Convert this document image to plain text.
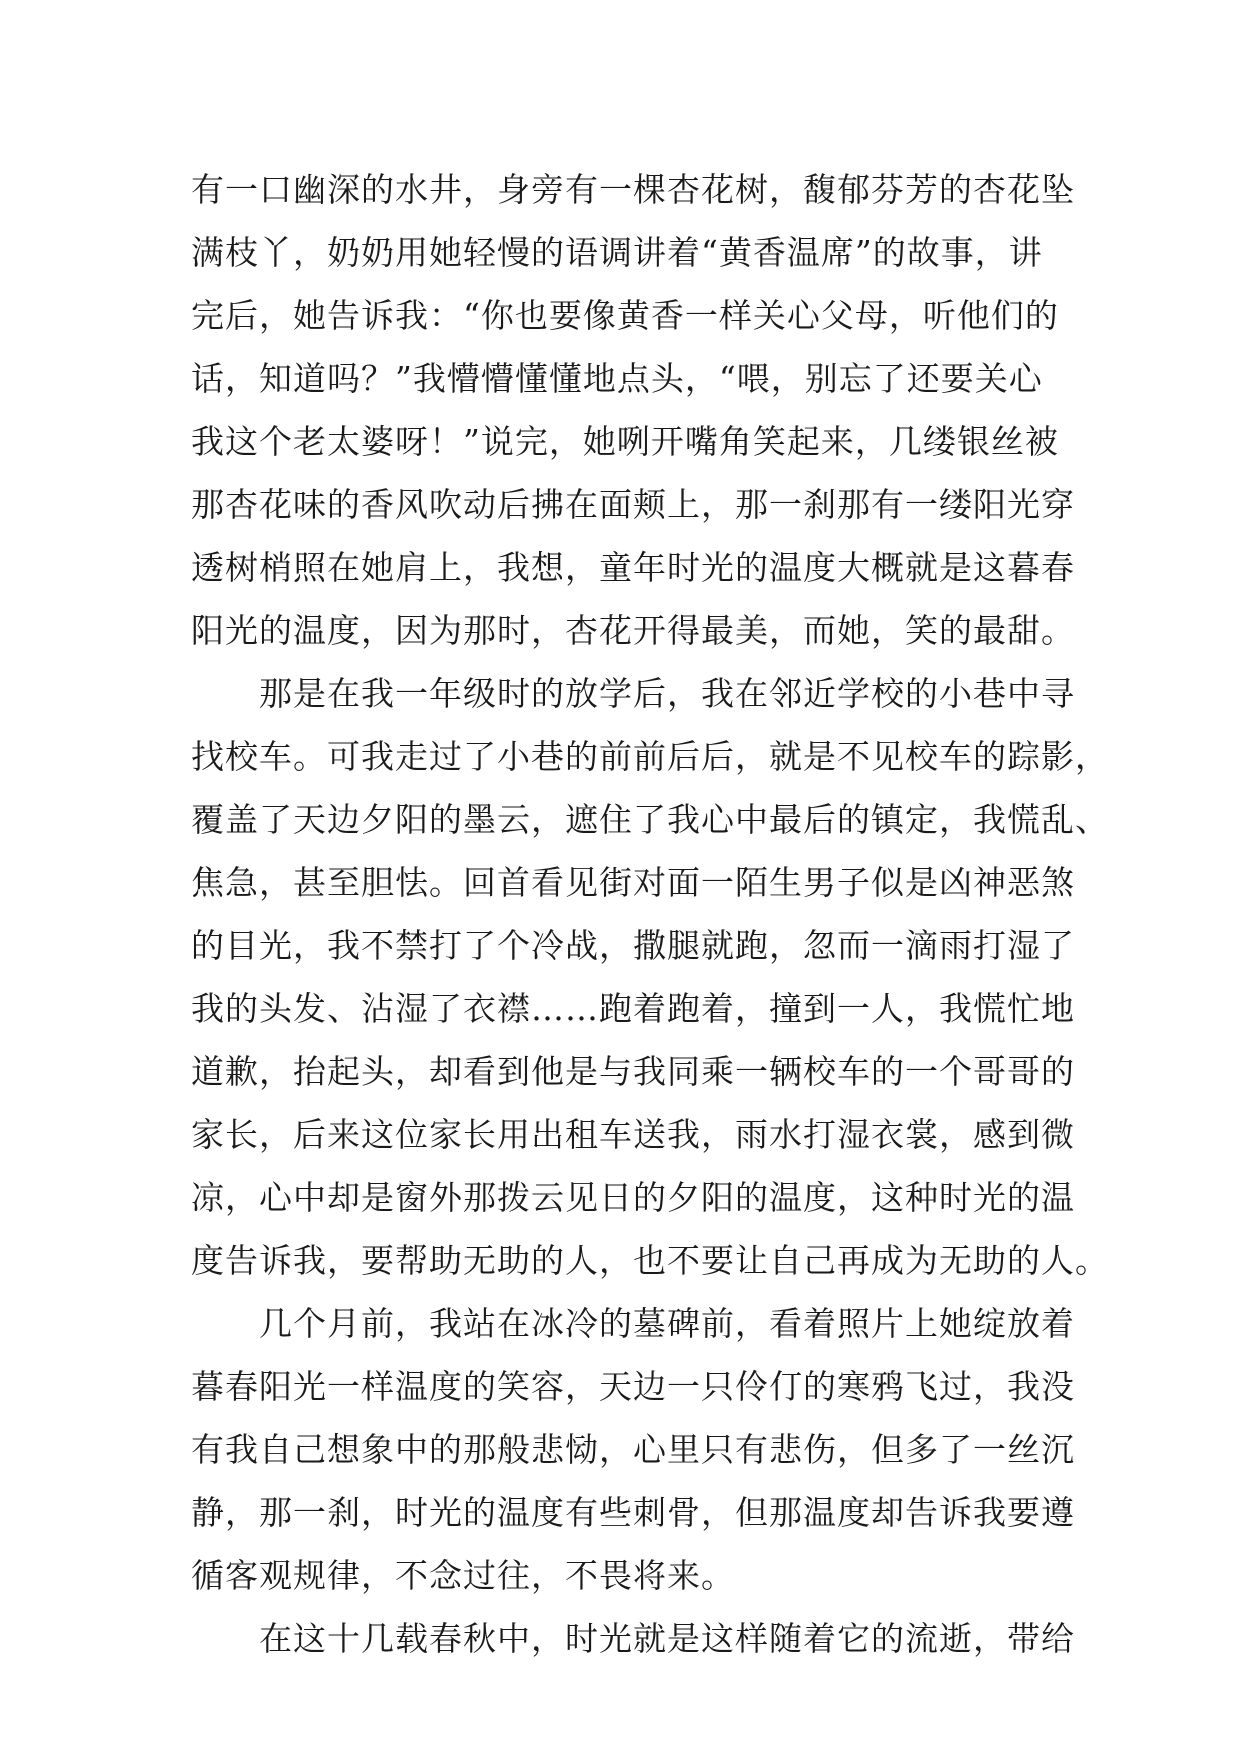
有一口幽深的水井，身旁有一棵杏花树，馥郁芬芳的杏花坠
满枝丫，奶奶用她轻慢的语调讲着“黄香温席”的故事，讲
完后，她告诉我：“你也要像黄香一样关心父母，听他们的
话，知道吗？”我懵懵懂懂地点头，“喂，别忘了还要关心
我这个老太婆呀！”说完，她咧开嘴角笑起来，几缕银丝被
那杏花味的香风吹动后拂在面颊上，那一刹那有一缕阳光穿
透树梢照在她肩上，我想，童年时光的温度大概就是这暮春
阳光的温度，因为那时，杏花开得最美，而她，笑的最甜。
　　那是在我一年级时的放学后，我在邻近学校的小巷中寻
找校车。可我走过了小巷的前前后后，就是不见校车的踪影，
覆盖了天边夕阳的墨云，遮住了我心中最后的镇定，我慌乱、
焦急，甚至胆怯。回首看见街对面一陌生男子似是凶神恶煞
的目光，我不禁打了个冷战，撒腿就跑，忽而一滴雨打湿了
我的头发、沾湿了衣襟……跑着跑着，撞到一人，我慌忙地
道歉，抬起头，却看到他是与我同乘一辆校车的一个哥哥的
家长，后来这位家长用出租车送我，雨水打湿衣裳，感到微
凉，心中却是窗外那拨云见日的夕阳的温度，这种时光的温
度告诉我，要帮助无助的人，也不要让自己再成为无助的人。
　　几个月前，我站在冰冷的墓碑前，看着照片上她绽放着
暮春阳光一样温度的笑容，天边一只伶仃的寒鸦飞过，我没
有我自己想象中的那般悲恸，心里只有悲伤，但多了一丝沉
静，那一刹，时光的温度有些刺骨，但那温度却告诉我要遵
循客观规律，不念过往，不畏将来。
　　在这十几载春秋中，时光就是这样随着它的流逝，带给
